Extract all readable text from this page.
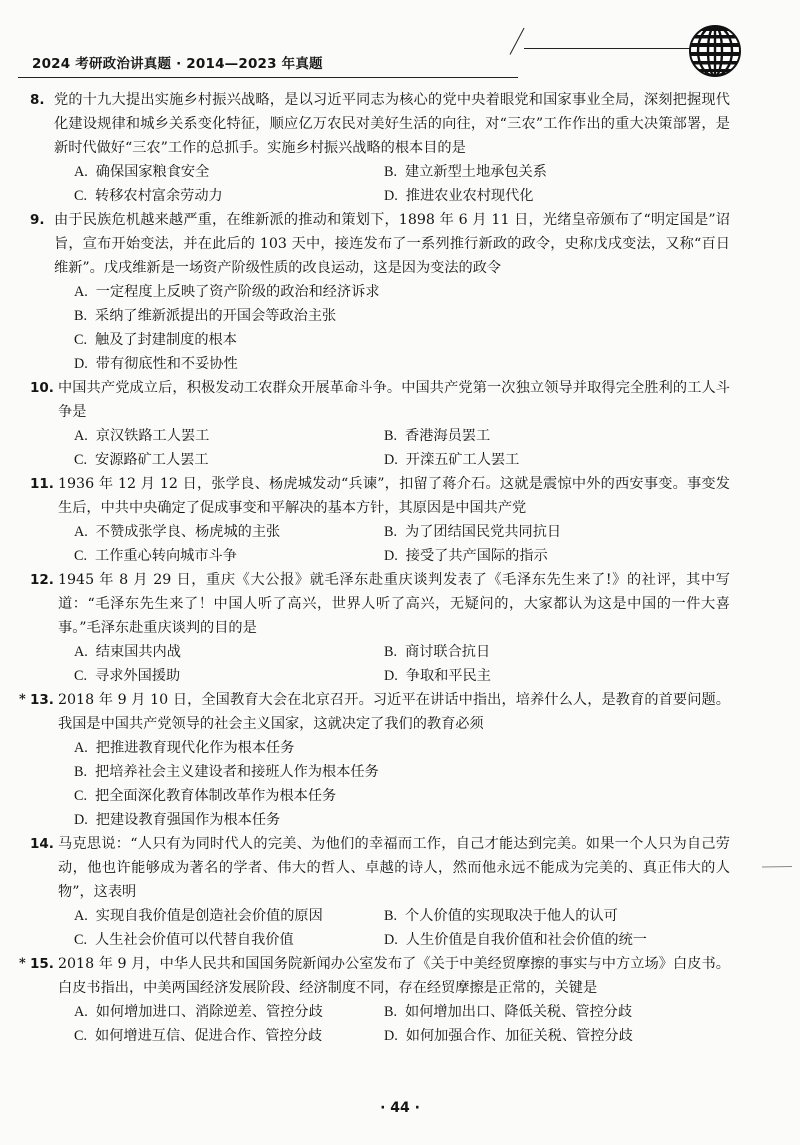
2024 考研政治讲真题 · 2014—2023 年真题
8. 党的十九大提出实施乡村振兴战略，是以习近平同志为核心的党中央着眼党和国家事业全局，深刻把握现代化建设规律和城乡关系变化特征，顺应亿万农民对美好生活的向往，对“三农”工作作出的重大决策部署，是新时代做好“三农”工作的总抓手。实施乡村振兴战略的根本目的是
A. 确保国家粮食安全	B. 建立新型土地承包关系
C. 转移农村富余劳动力	D. 推进农业农村现代化
9. 由于民族危机越来越严重，在维新派的推动和策划下，1898 年 6 月 11 日，光绪皇帝颁布了“明定国是”诏旨，宣布开始变法，并在此后的 103 天中，接连发布了一系列推行新政的政令，史称戊戌变法，又称“百日维新”。戊戌维新是一场资产阶级性质的改良运动，这是因为变法的政令
A. 一定程度上反映了资产阶级的政治和经济诉求
B. 采纳了维新派提出的开国会等政治主张
C. 触及了封建制度的根本
D. 带有彻底性和不妥协性
10. 中国共产党成立后，积极发动工农群众开展革命斗争。中国共产党第一次独立领导并取得完全胜利的工人斗争是
A. 京汉铁路工人罢工	B. 香港海员罢工
C. 安源路矿工人罢工	D. 开滦五矿工人罢工
11. 1936 年 12 月 12 日，张学良、杨虎城发动“兵谏”，扣留了蒋介石。这就是震惊中外的西安事变。事变发生后，中共中央确定了促成事变和平解决的基本方针，其原因是中国共产党
A. 不赞成张学良、杨虎城的主张	B. 为了团结国民党共同抗日
C. 工作重心转向城市斗争	D. 接受了共产国际的指示
12. 1945 年 8 月 29 日，重庆《大公报》就毛泽东赴重庆谈判发表了《毛泽东先生来了!》的社评，其中写道：“毛泽东先生来了！中国人听了高兴，世界人听了高兴，无疑问的，大家都认为这是中国的一件大喜事。”毛泽东赴重庆谈判的目的是
A. 结束国共内战	B. 商讨联合抗日
C. 寻求外国援助	D. 争取和平民主
* 13. 2018 年 9 月 10 日，全国教育大会在北京召开。习近平在讲话中指出，培养什么人，是教育的首要问题。我国是中国共产党领导的社会主义国家，这就决定了我们的教育必须
A. 把推进教育现代化作为根本任务
B. 把培养社会主义建设者和接班人作为根本任务
C. 把全面深化教育体制改革作为根本任务
D. 把建设教育强国作为根本任务
14. 马克思说：“人只有为同时代人的完美、为他们的幸福而工作，自己才能达到完美。如果一个人只为自己劳动，他也许能够成为著名的学者、伟大的哲人、卓越的诗人，然而他永远不能成为完美的、真正伟大的人物”，这表明
A. 实现自我价值是创造社会价值的原因	B. 个人价值的实现取决于他人的认可
C. 人生社会价值可以代替自我价值	D. 人生价值是自我价值和社会价值的统一
* 15. 2018 年 9 月，中华人民共和国国务院新闻办公室发布了《关于中美经贸摩擦的事实与中方立场》白皮书。白皮书指出，中美两国经济发展阶段、经济制度不同，存在经贸摩擦是正常的，关键是
A. 如何增加进口、消除逆差、管控分歧	B. 如何增加出口、降低关税、管控分歧
C. 如何增进互信、促进合作、管控分歧	D. 如何加强合作、加征关税、管控分歧
· 44 ·
